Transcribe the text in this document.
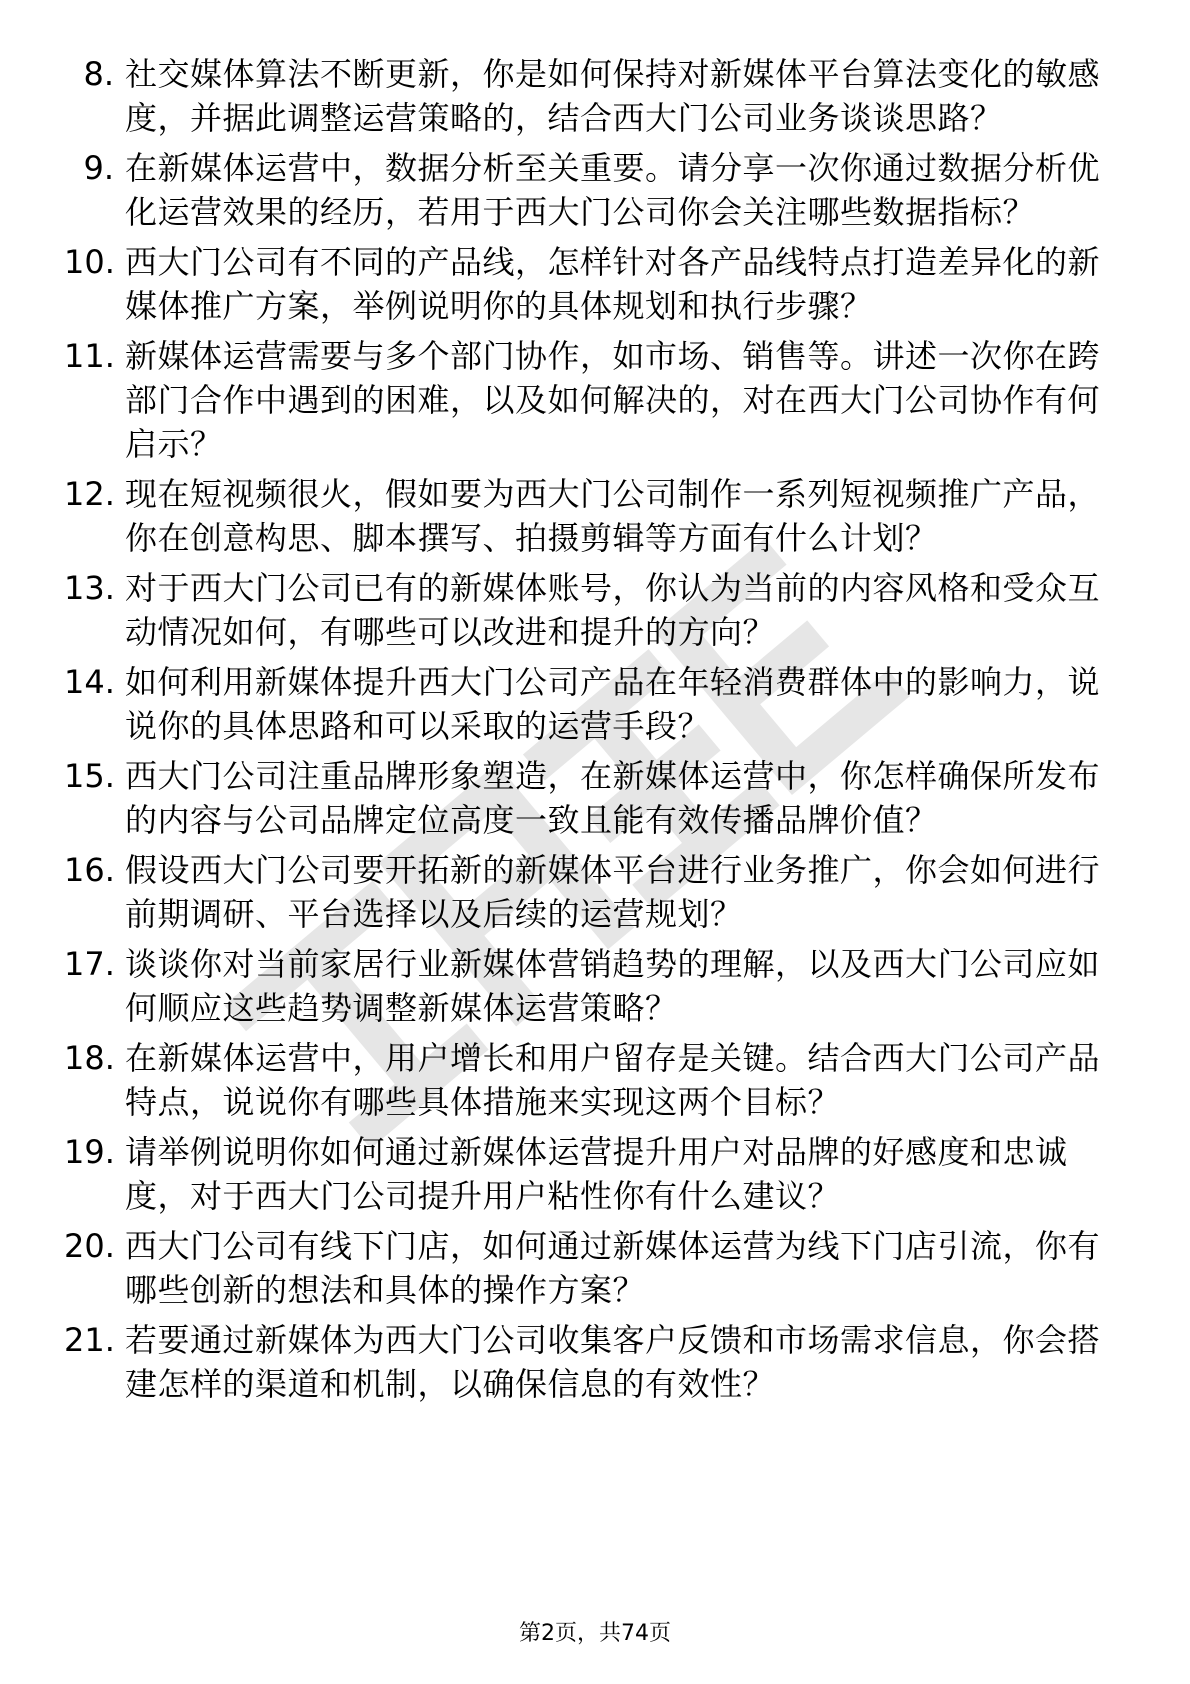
8. 社交媒体算法不断更新，你是如何保持对新媒体平台算法变化的敏感度，并据此调整运营策略的，结合西大门公司业务谈谈思路？
9. 在新媒体运营中，数据分析至关重要。请分享一次你通过数据分析优化运营效果的经历，若用于西大门公司你会关注哪些数据指标？
10. 西大门公司有不同的产品线，怎样针对各产品线特点打造差异化的新媒体推广方案，举例说明你的具体规划和执行步骤？
11. 新媒体运营需要与多个部门协作，如市场、销售等。讲述一次你在跨部门合作中遇到的困难，以及如何解决的，对在西大门公司协作有何启示？
12. 现在短视频很火，假如要为西大门公司制作一系列短视频推广产品，你在创意构思、脚本撰写、拍摄剪辑等方面有什么计划？
13. 对于西大门公司已有的新媒体账号，你认为当前的内容风格和受众互动情况如何，有哪些可以改进和提升的方向？
14. 如何利用新媒体提升西大门公司产品在年轻消费群体中的影响力，说说你的具体思路和可以采取的运营手段？
15. 西大门公司注重品牌形象塑造，在新媒体运营中，你怎样确保所发布的内容与公司品牌定位高度一致且能有效传播品牌价值？
16. 假设西大门公司要开拓新的新媒体平台进行业务推广，你会如何进行前期调研、平台选择以及后续的运营规划？
17. 谈谈你对当前家居行业新媒体营销趋势的理解，以及西大门公司应如何顺应这些趋势调整新媒体运营策略？
18. 在新媒体运营中，用户增长和用户留存是关键。结合西大门公司产品特点，说说你有哪些具体措施来实现这两个目标？
19. 请举例说明你如何通过新媒体运营提升用户对品牌的好感度和忠诚度，对于西大门公司提升用户粘性你有什么建议？
20. 西大门公司有线下门店，如何通过新媒体运营为线下门店引流，你有哪些创新的想法和具体的操作方案？
21. 若要通过新媒体为西大门公司收集客户反馈和市场需求信息，你会搭建怎样的渠道和机制，以确保信息的有效性？
第2页，共74页
